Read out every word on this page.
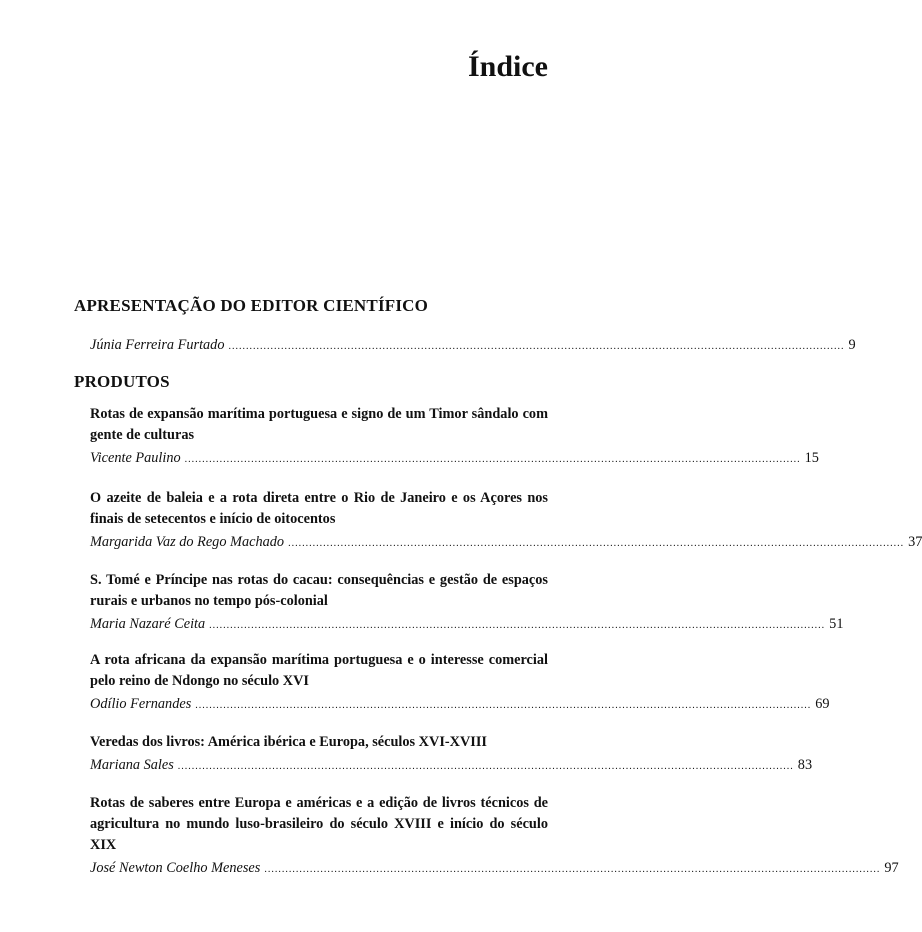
Índice
APRESENTAÇÃO DO EDITOR CIENTÍFICO
Júnia Ferreira Furtado ................................................................................................................................................................................ 9
PRODUTOS

Rotas de expansão marítima portuguesa e signo de um Timor sândalo com gente de culturas

Vicente Paulino ................................................................................................................................................................................ 15

O azeite de baleia e a rota direta entre o Rio de Janeiro e os Açores nos finais de setecentos e início de oitocentos

Margarida Vaz do Rego Machado ................................................................................................................................................................................ 37

S. Tomé e Príncipe nas rotas do cacau: consequências e gestão de espaços rurais e urbanos no tempo pós-colonial

Maria Nazaré Ceita ................................................................................................................................................................................ 51

A rota africana da expansão marítima portuguesa e o interesse comercial pelo reino de Ndongo no século XVI

Odílio Fernandes ................................................................................................................................................................................ 69

Veredas dos livros: América ibérica e Europa, séculos XVI-XVIII

Mariana Sales ................................................................................................................................................................................ 83

Rotas de saberes entre Europa e américas e a edição de livros técnicos de agricultura no mundo luso-brasileiro do século XVIII e início do século XIX

José Newton Coelho Meneses ................................................................................................................................................................................ 97
